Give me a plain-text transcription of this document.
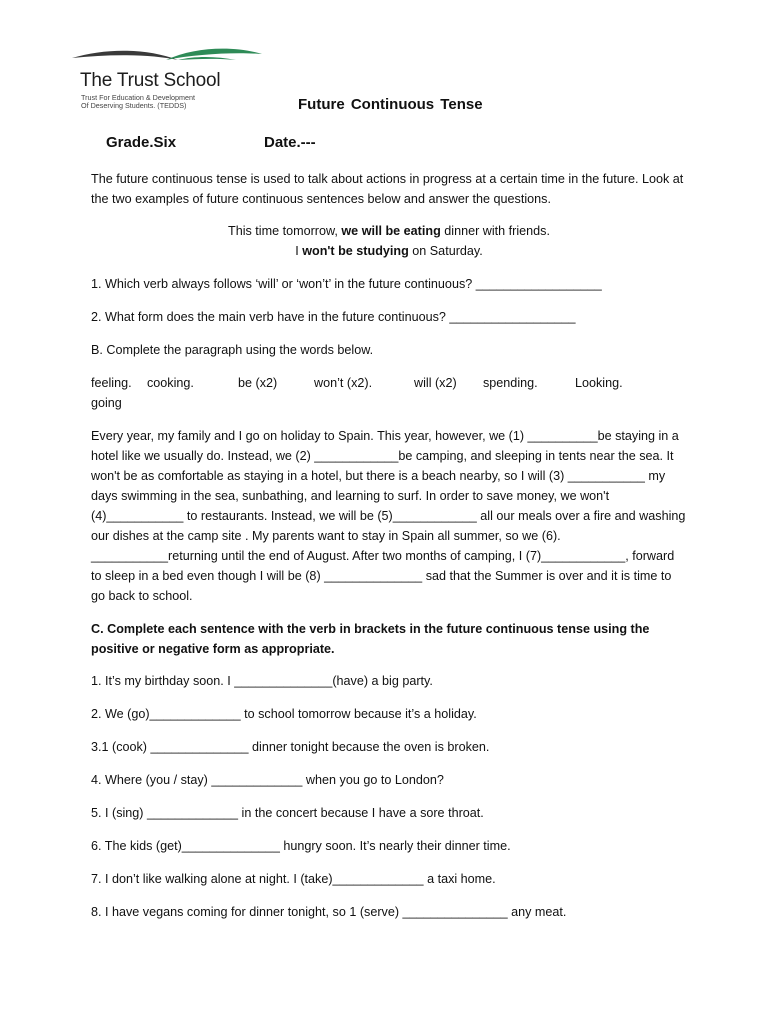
The Trust School
Trust For Education & Development
Of Deserving Students. (TEDDS)	Future Continuous Tense
Grade.Six	Date.---
The future continuous tense is used to talk about actions in progress at a certain time in the future. Look at the two examples of future continuous sentences below and answer the questions.
This time tomorrow, we will be eating dinner with friends.
I won't be studying on Saturday.
1. Which verb always follows ‘will’ or ‘won’t’ in the future continuous? __________________
2. What form does the main verb have in the future continuous? __________________
B. Complete the paragraph using the words below.
feeling. cooking.	be (x2)	won’t (x2).	will (x2) spending.	Looking.
going
Every year, my family and I go on holiday to Spain. This year, however, we (1) __________be staying in a hotel like we usually do. Instead, we (2) ____________be camping, and sleeping in tents near the sea. It won't be as comfortable as staying in a hotel, but there is a beach nearby, so I will (3) ___________ my days swimming in the sea, sunbathing, and learning to surf. In order to save money, we won't (4)___________ to restaurants. Instead, we will be (5)____________ all our meals over a fire and washing our dishes at the camp site . My parents want to stay in Spain all summer, so we (6). ___________returning until the end of August. After two months of camping, I (7)____________, forward to sleep in a bed even though I will be (8) ______________ sad that the Summer is over and it is time to go back to school.
C. Complete each sentence with the verb in brackets in the future continuous tense using the positive or negative form as appropriate.
1. It’s my birthday soon. I ______________(have) a big party.
2. We (go)_____________ to school tomorrow because it’s a holiday.
3.1 (cook) ______________ dinner tonight because the oven is broken.
4. Where (you / stay) _____________ when you go to London?
5. I (sing) _____________ in the concert because I have a sore throat.
6. The kids (get)______________ hungry soon. It’s nearly their dinner time.
7. I don’t like walking alone at night. I (take)_____________ a taxi home.
8. I have vegans coming for dinner tonight, so 1 (serve) _______________ any meat.
